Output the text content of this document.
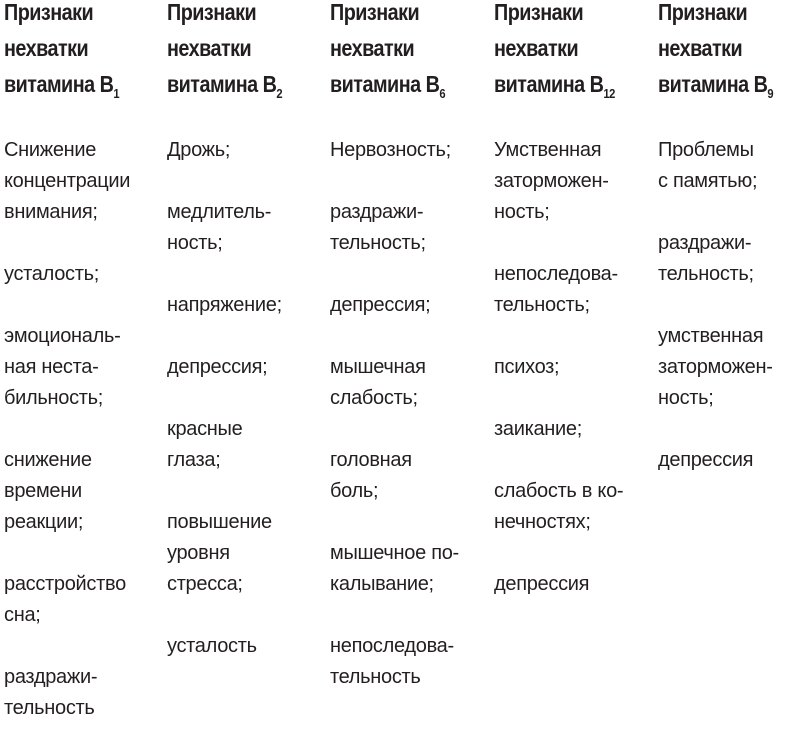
Признаки
нехватки
витамина $В_1$
Снижение
концентрации
внимания;
усталость;
эмоциональ-
ная неста-
бильность;
снижение
времени
реакции;
расстройство
сна;
раздражи-
тельность
Признаки
нехватки
витамина $В_2$
Дрожь;
медлитель-
ность;
напряжение;
депрессия;
красные
глаза;
повышение
уровня
стресса;
усталость
Признаки
нехватки
витамина $В_6$
Нервозность;
раздражи-
тельность;
депрессия;
мышечная
слабость;
головная
боль;
мышечное по-
калывание;
непоследова-
тельность
Признаки
нехватки
витамина $В_{12}$
Умственная
заторможен-
ность;
непоследова-
тельность;
психоз;
заикание;
слабость в ко-
нечностях;
депрессия
Признаки
нехватки
витамина $В_9$
Проблемы
с памятью;
раздражи-
тельность;
умственная
заторможен-
ность;
депрессия
